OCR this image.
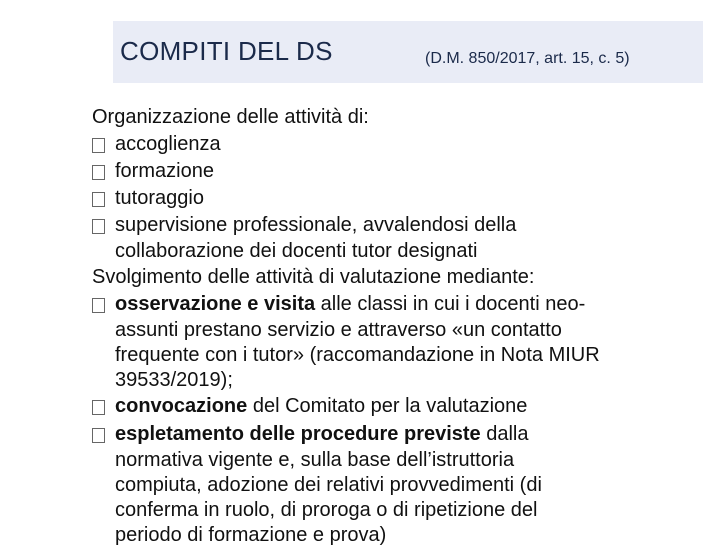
COMPITI DEL DS	(D.M. 850/2017, art. 15, c. 5)
Organizzazione delle attività di:
accoglienza
formazione
tutoraggio
supervisione professionale, avvalendosi della
collaborazione dei docenti tutor designati
Svolgimento delle attività di valutazione mediante:
osservazione e visita alle classi in cui i docenti neo-
assunti prestano servizio e attraverso «un contatto
frequente con i tutor» (raccomandazione in Nota MIUR
39533/2019);
convocazione del Comitato per la valutazione
espletamento delle procedure previste dalla
normativa vigente e, sulla base dell’istruttoria
compiuta, adozione dei relativi provvedimenti (di
conferma in ruolo, di proroga o di ripetizione del
periodo di formazione e prova)
